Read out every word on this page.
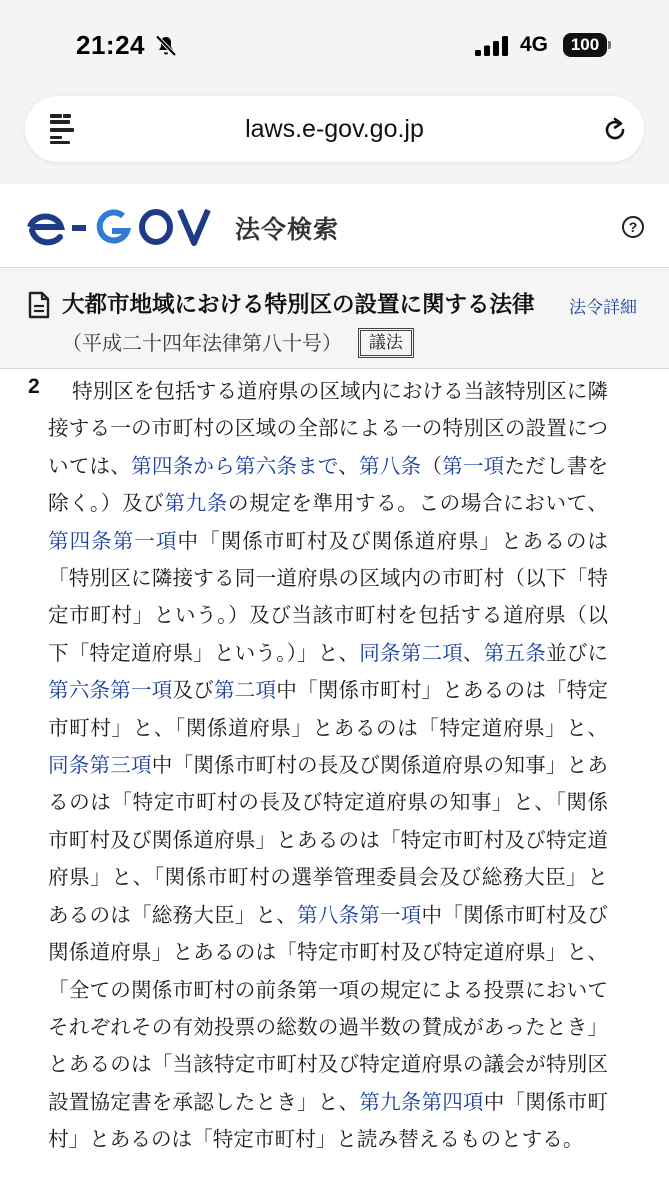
21:24	4G	100
laws.e-gov.go.jp
法令検索	?
大都市地域における特別区の設置に関する法律 （平成二十四年法律第八十号） 議法
法令詳細
2	特別区を包括する道府県の区域内における当該特別区に隣接する一の市町村の区域の全部による一の特別区の設置については、第四条から第六条まで、第八条（第一項ただし書を除く。）及び第九条の規定を準用する。この場合において、第四条第一項中「関係市町村及び関係道府県」とあるのは「特別区に隣接する同一道府県の区域内の市町村（以下「特定市町村」という。）及び当該市町村を包括する道府県（以下「特定道府県」という。）」と、同条第二項、第五条並びに第六条第一項及び第二項中「関係市町村」とあるのは「特定市町村」と、「関係道府県」とあるのは「特定道府県」と、同条第三項中「関係市町村の長及び関係道府県の知事」とあるのは「特定市町村の長及び特定道府県の知事」と、「関係市町村及び関係道府県」とあるのは「特定市町村及び特定道府県」と、「関係市町村の選挙管理委員会及び総務大臣」とあるのは「総務大臣」と、第八条第一項中「関係市町村及び関係道府県」とあるのは「特定市町村及び特定道府県」と、「全ての関係市町村の前条第一項の規定による投票においてそれぞれその有効投票の総数の過半数の賛成があったとき」とあるのは「当該特定市町村及び特定道府県の議会が特別区設置協定書を承認したとき」と、第九条第四項中「関係市町村」とあるのは「特定市町村」と読み替えるものとする。
